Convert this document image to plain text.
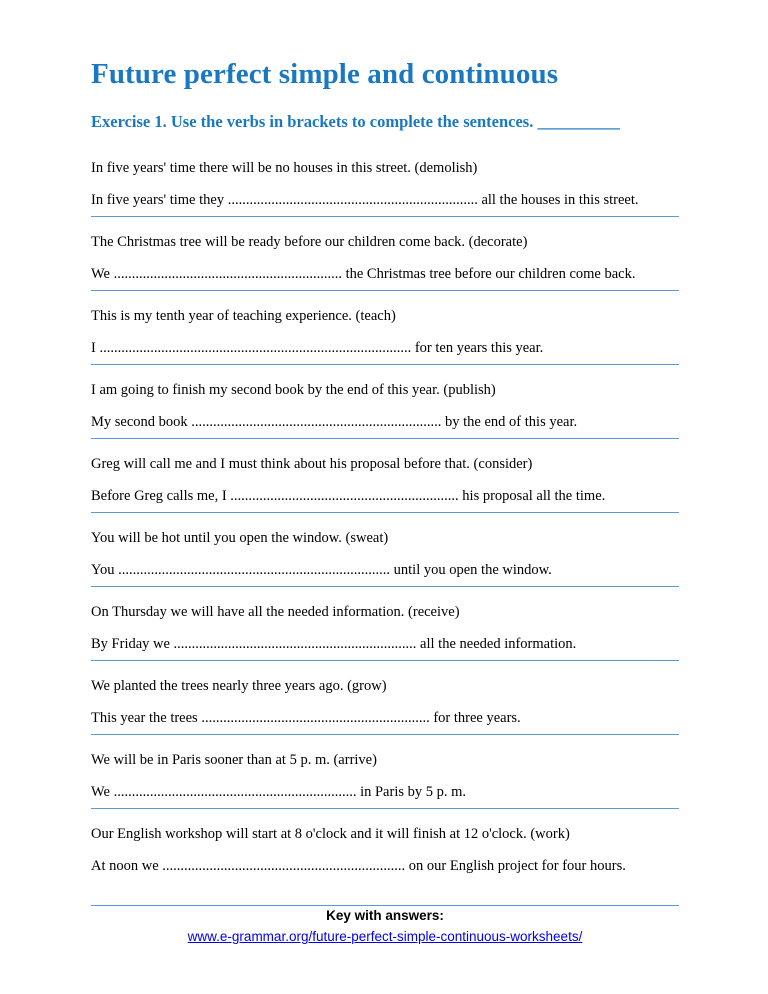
Future perfect simple and continuous
Exercise 1. Use the verbs in brackets to complete the sentences. __________
In five years' time there will be no houses in this street. (demolish)
In five years' time they ..................................................................... all the houses in this street.
The Christmas tree will be ready before our children come back. (decorate)
We ............................................................... the Christmas tree before our children come back.
This is my tenth year of teaching experience. (teach)
I ...................................................................................... for ten years this year.
I am going to finish my second book by the end of this year. (publish)
My second book ..................................................................... by the end of this year.
Greg will call me and I must think about his proposal before that. (consider)
Before Greg calls me, I ............................................................... his proposal all the time.
You will be hot until you open the window. (sweat)
You ........................................................................... until you open the window.
On Thursday we will have all the needed information. (receive)
By Friday we ................................................................... all the needed information.
We planted the trees nearly three years ago. (grow)
This year the trees ............................................................... for three years.
We will be in Paris sooner than at 5 p. m. (arrive)
We ................................................................... in Paris by 5 p. m.
Our English workshop will start at 8 o'clock and it will finish at 12 o'clock. (work)
At noon we ................................................................... on our English project for four hours.
Key with answers:
www.e-grammar.org/future-perfect-simple-continuous-worksheets/
